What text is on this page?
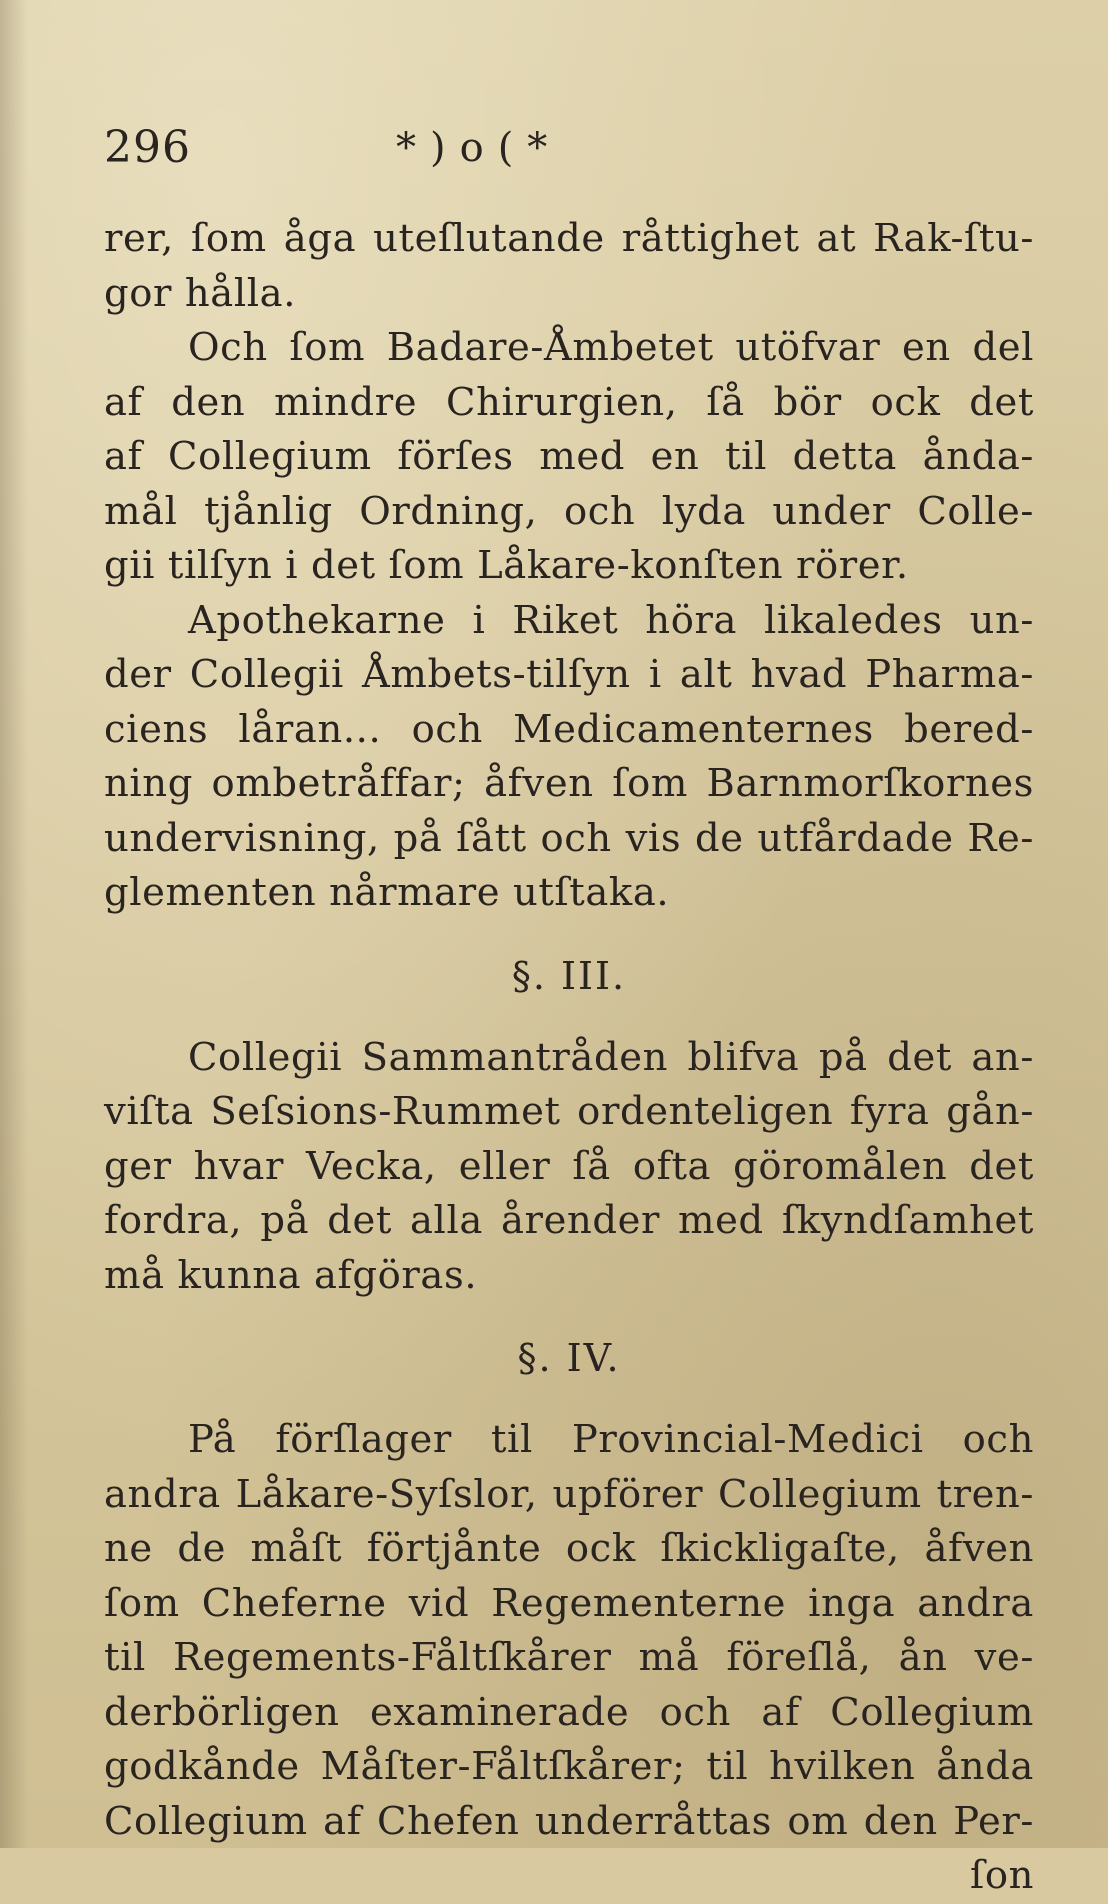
296	*)o(*
rer, ſom åga uteſlutande råttighet at Rak-ſtu-
gor hålla.
Och ſom Badare-Åmbetet utöfvar en del
af den mindre Chirurgien, ſå bör ock det
af Collegium förſes med en til detta ånda-
mål tjånlig Ordning, och lyda under Colle-
gii tilſyn i det ſom Låkare-konſten rörer.
Apothekarne i Riket höra likaledes un-
der Collegii Åmbets-tilſyn i alt hvad Pharma-
ciens låran... och Medicamenternes bered-
ning ombetråffar; åfven ſom Barnmorſkornes
undervisning, på ſått och vis de utfårdade Re-
glementen nårmare utſtaka.
§. III.
Collegii Sammantråden blifva på det an-
viſta Seſsions-Rummet ordenteligen fyra gån-
ger hvar Vecka, eller ſå ofta göromålen det
fordra, på det alla årender med ſkyndſamhet
må kunna afgöras.
§. IV.
På förſlager til Provincial-Medici och
andra Låkare-Syſslor, upförer Collegium tren-
ne de måſt förtjånte ock ſkickligaſte, åfven
ſom Cheferne vid Regementerne inga andra
til Regements-Fåltſkårer må föreſlå, ån ve-
derbörligen examinerade och af Collegium
godkånde Måſter-Fåltſkårer; til hvilken ånda
Collegium af Chefen underråttas om den Per-
ſon
